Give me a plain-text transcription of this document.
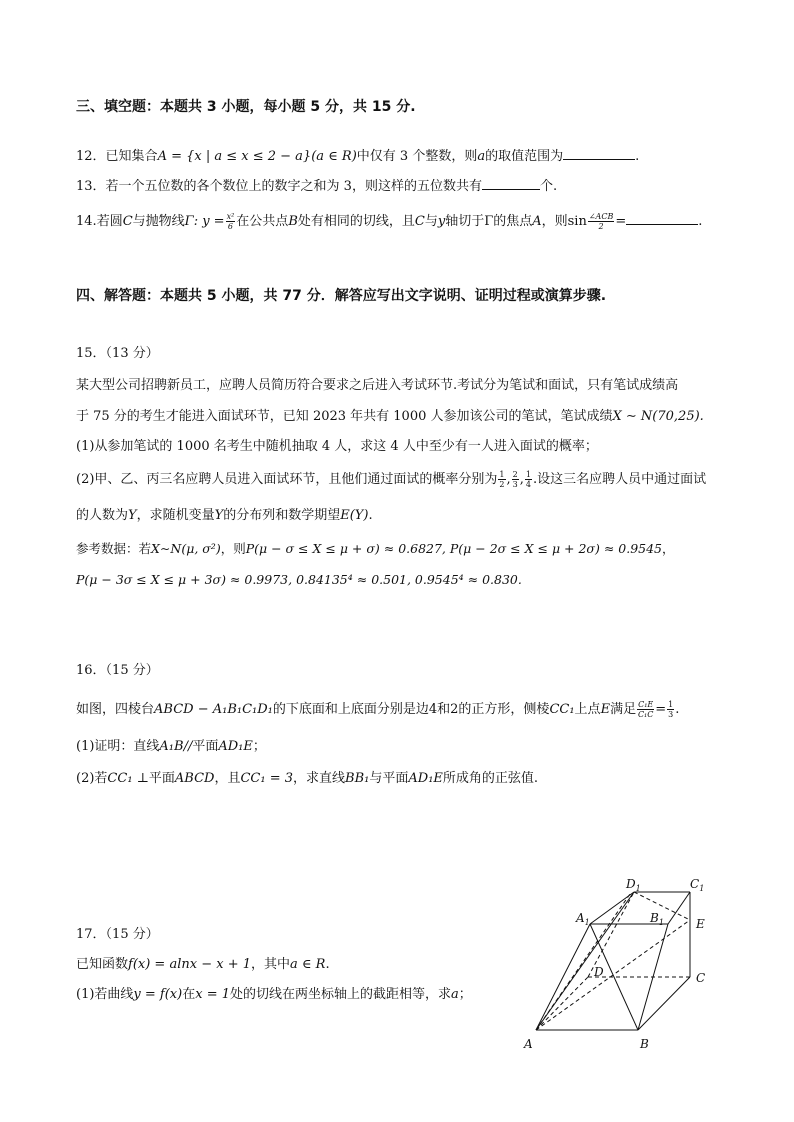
三、填空题：本题共 3 小题，每小题 5 分，共 15 分.
12．已知集合A = {x | a ≤ x ≤ 2 − a}(a ∈ R)中仅有 3 个整数，则a的取值范围为	.
13．若一个五位数的各个数位上的数字之和为 3，则这样的五位数共有	个.
14.若圆C与抛物线Γ: $y = \frac{\text{x²}}{6}$ 在公共点B处有相同的切线，且C与y轴切于Γ的焦点A，则$\sin \frac{\text{∠ACB}}{2}$ =	.
四、解答题：本题共 5 小题，共 77 分．解答应写出文字说明、证明过程或演算步骤.
15．（13 分）
某大型公司招聘新员工，应聘人员简历符合要求之后进入考试环节.考试分为笔试和面试，只有笔试成绩高
于 75 分的考生才能进入面试环节，已知 2023 年共有 1000 人参加该公司的笔试，笔试成绩X ∼ N(70,25).
(1)从参加笔试的 1000 名考生中随机抽取 4 人，求这 4 人中至少有一人进入面试的概率；
(2)甲、乙、丙三名应聘人员进入面试环节，且他们通过面试的概率分别为 $\frac{1}{2}$ , $\frac{2}{3}$ , $\frac{1}{4}$ .设这三名应聘人员中通过面试
的人数为Y，求随机变量Y的分布列和数学期望E(Y).
参考数据：若X∼N(μ, σ²)，则P(μ − σ ≤ X ≤ μ + σ) ≈ 0.6827, P(μ − 2σ ≤ X ≤ μ + 2σ) ≈ 0.9545，
P(μ − 3σ ≤ X ≤ μ + 3σ) ≈ 0.9973, 0.84135⁴ ≈ 0.501, 0.9545⁴ ≈ 0.830.
16．（15 分）
如图，四棱台ABCD − A₁B₁C₁D₁的下底面和上底面分别是边4和2的正方形，侧棱CC₁上点E满足 $\frac{\text{C₁E}}{\text{C₁C}} = \frac{1}{3}$ .
(1)证明：直线A₁B//平面AD₁E；
(2)若CC₁ ⊥平面ABCD，且CC₁ = 3，求直线BB₁与平面AD₁E所成角的正弦值.
17．（15 分）
已知函数f(x) = alnx − x + 1，其中a ∈ R.
(1)若曲线y = f(x)在x = 1处的切线在两坐标轴上的截距相等，求a；
$D_1$	$C_1$
$A_1$	$B_1$	E
D	C
A	B
